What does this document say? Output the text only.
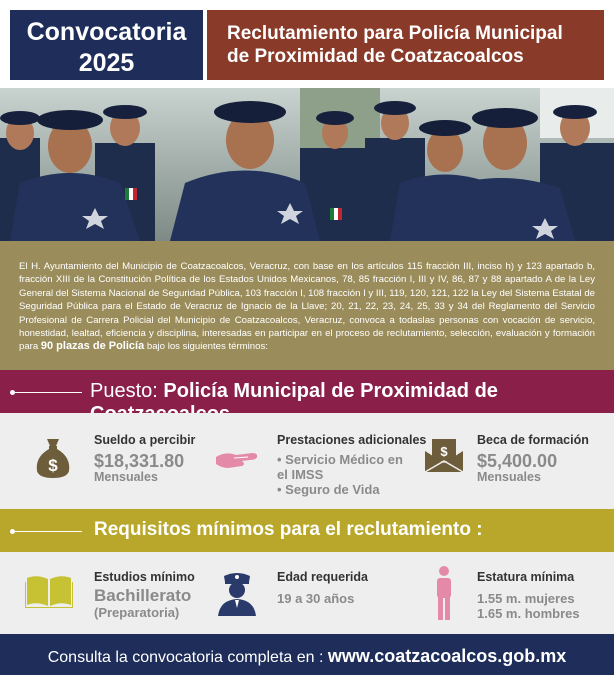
Convocatoria
2025
Reclutamiento para Policía Municipal
de Proximidad de Coatzacoalcos
El H. Ayuntamiento del Municipio de Coatzacoalcos, Veracruz, con base en los artículos 115 fracción III, inciso h) y 123 apartado b, fracción XIII de la Constitución Política de los Estados Unidos Mexicanos, 78, 85 fracción I, III y IV, 86, 87 y 88 apartado A de la Ley General del Sistema Nacional de Seguridad Pública, 103 fracción I, 108 fracción I y III, 119, 120, 121, 122 la Ley del Sistema Estatal de Seguridad Pública para el Estado de Veracruz de Ignacio de la Llave; 20, 21, 22, 23, 24, 25, 33 y 34 del Reglamento del Servicio Profesional de Carrera Policial del Municipio de Coatzacoalcos, Veracruz, convoca a todaslas personas con vocación de servicio, honestidad, lealtad, eficiencia y disciplina, interesadas en participar en el proceso de reclutamiento, selección, evaluación y formación para 90 plazas de Policía bajo los siguientes términos:
Puesto: Policía Municipal de Proximidad de
$
Sueldo a percibir
$18,331.80
Mensuales
Prestaciones adicionales
• Servicio Médico en el IMSS
• Seguro de Vida
$
Beca de formación
$5,400.00
Mensuales
Requisitos mínimos para el reclutamiento :
Estudios mínimo
Bachillerato
(Preparatoria)
Edad requerida
19 a 30 años
Estatura mínima
1.55 m. mujeres
1.65 m. hombres
Consulta la convocatoria completa en : www.coatzacoalcos.gob.mx
